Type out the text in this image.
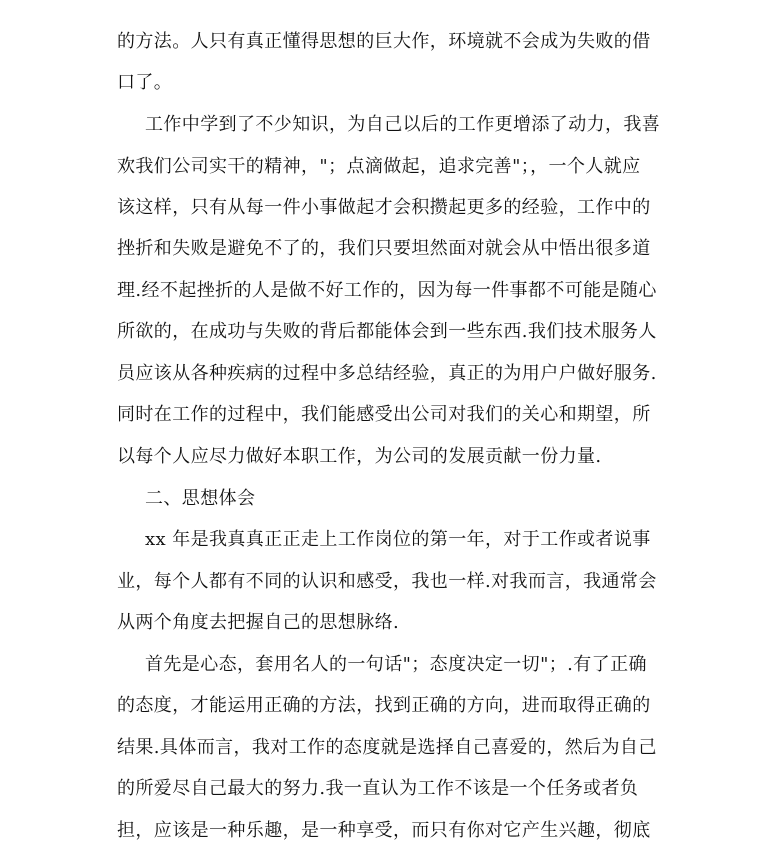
的方法。人只有真正懂得思想的巨大作，环境就不会成为失败的借
口了。
工作中学到了不少知识，为自己以后的工作更增添了动力，我喜
欢我们公司实干的精神，"；点滴做起，追求完善"；，一个人就应
该这样，只有从每一件小事做起才会积攒起更多的经验，工作中的
挫折和失败是避免不了的，我们只要坦然面对就会从中悟出很多道
理.经不起挫折的人是做不好工作的，因为每一件事都不可能是随心
所欲的，在成功与失败的背后都能体会到一些东西.我们技术服务人
员应该从各种疾病的过程中多总结经验，真正的为用户户做好服务.
同时在工作的过程中，我们能感受出公司对我们的关心和期望，所
以每个人应尽力做好本职工作，为公司的发展贡献一份力量.
二、思想体会
xx 年是我真真正正走上工作岗位的第一年，对于工作或者说事
业，每个人都有不同的认识和感受，我也一样.对我而言，我通常会
从两个角度去把握自己的思想脉络.
首先是心态，套用名人的一句话"；态度决定一切"；.有了正确
的态度，才能运用正确的方法，找到正确的方向，进而取得正确的
结果.具体而言，我对工作的态度就是选择自己喜爱的，然后为自己
的所爱尽自己最大的努力.我一直认为工作不该是一个任务或者负
担，应该是一种乐趣，是一种享受，而只有你对它产生兴趣，彻底
